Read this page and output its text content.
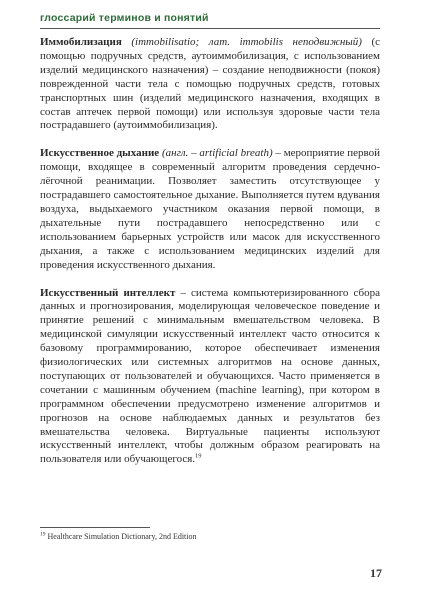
глоссарий терминов и понятий

Иммобилизация (immobilisatio; лат. immobilis неподвижный) (с помощью подручных средств, аутоиммобилизация, с использованием изделий медицинского назначения) – создание неподвижности (покоя) поврежденной части тела с помощью подручных средств, готовых транспортных шин (изделий медицинского назначения, входящих в состав аптечек первой помощи) или используя здоровые части тела пострадавшего (аутоиммобилизация).

Искусственное дыхание (англ. – artificial breath) – мероприятие первой помощи, входящее в современный алгоритм проведения сердечно-лёгочной реанимации. Позволяет заместить отсутствующее у пострадавшего самостоятельное дыхание. Выполняется путем вдувания воздуха, выдыхаемого участником оказания первой помощи, в дыхательные пути пострадавшего непосредственно или с использованием барьерных устройств или масок для искусственного дыхания, а также с использованием медицинских изделий для проведения искусственного дыхания.

Искусственный интеллект – система компьютеризированного сбора данных и прогнозирования, моделирующая человеческое поведение и принятие решений с минимальным вмешательством человека. В медицинской симуляции искусственный интеллект часто относится к базовому программированию, которое обеспечивает изменения физиологических или системных алгоритмов на основе данных, поступающих от пользователей и обучающихся. Часто применяется в сочетании с машинным обучением (machine learning), при котором в программном обеспечении предусмотрено изменение алгоритмов и прогнозов на основе наблюдаемых данных и результатов без вмешательства человека. Виртуальные пациенты используют искусственный интеллект, чтобы должным образом реагировать на пользователя или обучающегося.$^{19}$

$^{19}$ Healthcare Simulation Dictionary, 2nd Edition
17
